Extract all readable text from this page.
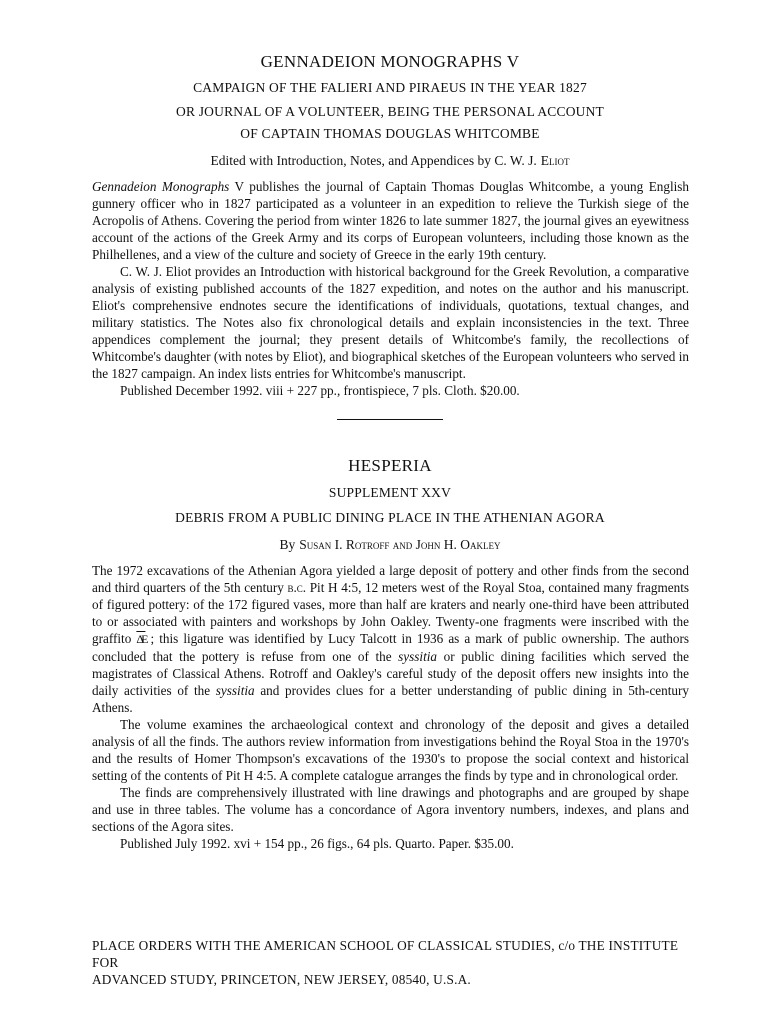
GENNADEION MONOGRAPHS V
CAMPAIGN OF THE FALIERI AND PIRAEUS IN THE YEAR 1827
OR JOURNAL OF A VOLUNTEER, BEING THE PERSONAL ACCOUNT
OF CAPTAIN THOMAS DOUGLAS WHITCOMBE
Edited with Introduction, Notes, and Appendices by C. W. J. Eliot

Gennadeion Monographs V publishes the journal of Captain Thomas Douglas Whitcombe, a young English gunnery officer who in 1827 participated as a volunteer in an expedition to relieve the Turkish siege of the Acropolis of Athens. Covering the period from winter 1826 to late summer 1827, the journal gives an eyewitness account of the actions of the Greek Army and its corps of European volunteers, including those known as the Philhellenes, and a view of the culture and society of Greece in the early 19th century.

C. W. J. Eliot provides an Introduction with historical background for the Greek Revolution, a comparative analysis of existing published accounts of the 1827 expedition, and notes on the author and his manuscript. Eliot's comprehensive endnotes secure the identifications of individuals, quotations, textual changes, and military statistics. The Notes also fix chronological details and explain inconsistencies in the text. Three appendices complement the journal; they present details of Whitcombe's family, the recollections of Whitcombe's daughter (with notes by Eliot), and biographical sketches of the European volunteers who served in the 1827 campaign. An index lists entries for Whitcombe's manuscript.

Published December 1992. viii + 227 pp., frontispiece, 7 pls. Cloth. $20.00.

HESPERIA
SUPPLEMENT XXV
DEBRIS FROM A PUBLIC DINING PLACE IN THE ATHENIAN AGORA
By Susan I. Rotroff and John H. Oakley

The 1972 excavations of the Athenian Agora yielded a large deposit of pottery and other finds from the second and third quarters of the 5th century b.c. Pit H 4:5, 12 meters west of the Royal Stoa, contained many fragments of figured pottery: of the 172 figured vases, more than half are kraters and nearly one-third have been attributed to or associated with painters and workshops by John Oakley. Twenty-one fragments were inscribed with the graffito $\overline{\Delta E}$ ; this ligature was identified by Lucy Talcott in 1936 as a mark of public ownership. The authors concluded that the pottery is refuse from one of the syssitia or public dining facilities which served the magistrates of Classical Athens. Rotroff and Oakley's careful study of the deposit offers new insights into the daily activities of the syssitia and provides clues for a better understanding of public dining in 5th-century Athens.

The volume examines the archaeological context and chronology of the deposit and gives a detailed analysis of all the finds. The authors review information from investigations behind the Royal Stoa in the 1970's and the results of Homer Thompson's excavations of the 1930's to propose the social context and historical setting of the contents of Pit H 4:5. A complete catalogue arranges the finds by type and in chronological order.

The finds are comprehensively illustrated with line drawings and photographs and are grouped by shape and use in three tables. The volume has a concordance of Agora inventory numbers, indexes, and plans and sections of the Agora sites.

Published July 1992. xvi + 154 pp., 26 figs., 64 pls. Quarto. Paper. $35.00.

PLACE ORDERS WITH THE AMERICAN SCHOOL OF CLASSICAL STUDIES, c/o THE INSTITUTE FOR
ADVANCED STUDY, PRINCETON, NEW JERSEY, 08540, U.S.A.
